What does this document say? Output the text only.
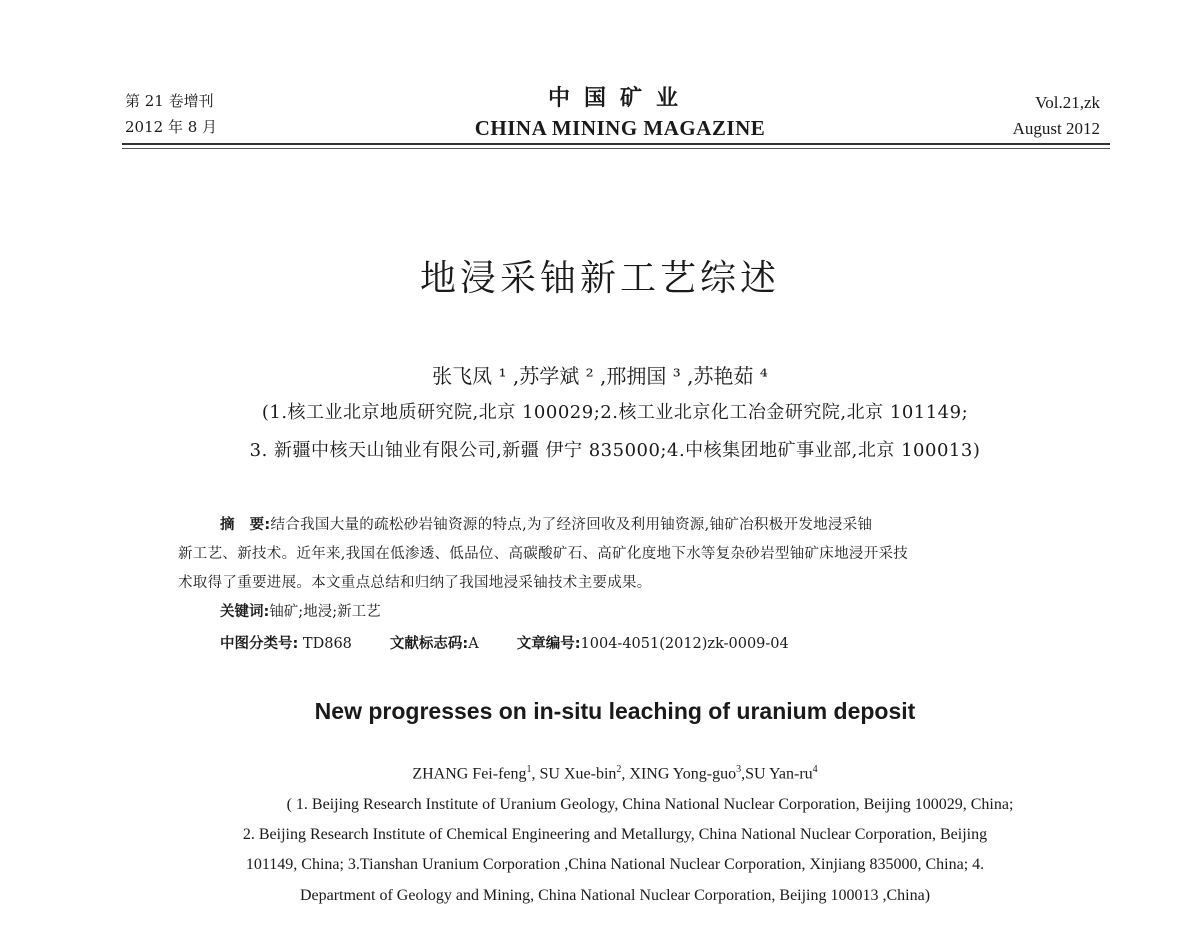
第 21 卷增刊
2012 年 8 月
中国矿业
CHINA MINING MAGAZINE
Vol.21,zk
August 2012
地浸采铀新工艺综述
张飞凤 ¹ ,苏学斌 ² ,邢拥国 ³ ,苏艳茹 ⁴
(1.核工业北京地质研究院,北京 100029;2.核工业北京化工冶金研究院,北京 101149;
3. 新疆中核天山铀业有限公司,新疆 伊宁 835000;4.中核集团地矿事业部,北京 100013)
摘　要:结合我国大量的疏松砂岩铀资源的特点,为了经济回收及利用铀资源,铀矿冶积极开发地浸采铀
新工艺、新技术。近年来,我国在低渗透、低品位、高碳酸矿石、高矿化度地下水等复杂砂岩型铀矿床地浸开采技
术取得了重要进展。本文重点总结和归纳了我国地浸采铀技术主要成果。
关键词:铀矿;地浸;新工艺
中图分类号: TD868	文献标志码:A	文章编号:1004-4051(2012)zk-0009-04
New progresses on in-situ leaching of uranium deposit
ZHANG Fei-feng$^1$, SU Xue-bin$^2$, XING Yong-guo$^3$,SU Yan-$ru^4$
( 1. Beijing Research Institute of Uranium Geology, China National Nuclear Corporation, Beijing 100029, China;
2. Beijing Research Institute of Chemical Engineering and Metallurgy, China National Nuclear Corporation, Beijing
101149, China; 3.Tianshan Uranium Corporation ,China National Nuclear Corporation, Xinjiang 835000, China; 4.
Department of Geology and Mining, China National Nuclear Corporation, Beijing 100013 ,China)
